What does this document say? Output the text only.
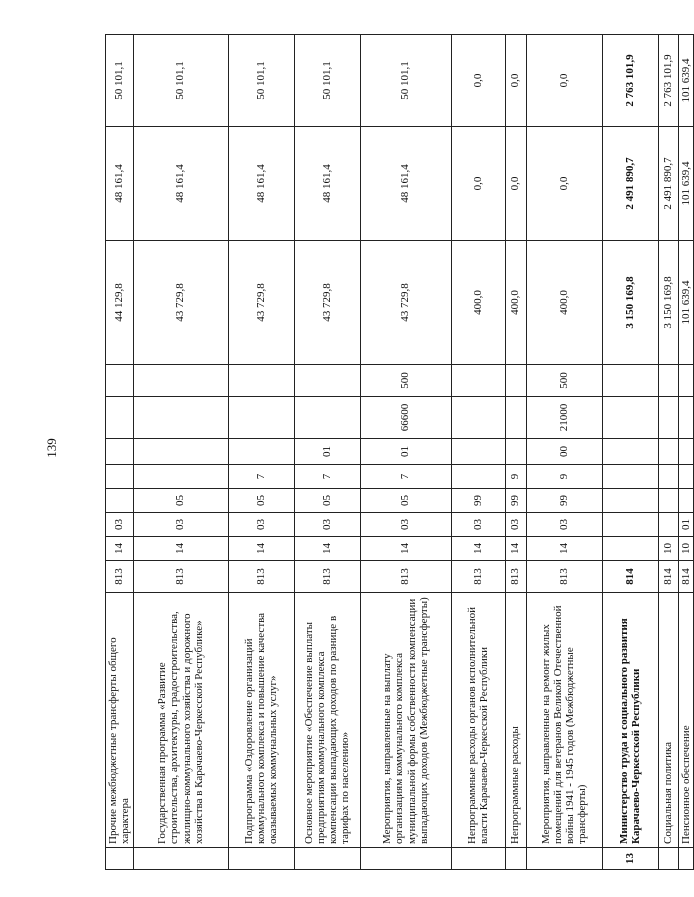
139
	Прочие межбюджетные трансферты общего характера	813	14	03						44 129,8	48 161,4	50 101,1
	Государственная программа «Развитие строительства, архитектуры, градостроительства, жилищно-коммунального хозяйства и дорожного хозяйства в Карачаево-Черкесской Республике»	813	14	03	05					43 729,8	48 161,4	50 101,1
	Подпрограмма «Оздоровление организаций коммунального комплекса и повышение качества оказываемых коммунальных услуг»	813	14	03	05	7				43 729,8	48 161,4	50 101,1
	Основное мероприятие «Обеспечение выплаты предприятиям коммунального комплекса компенсации выпадающих доходов по разнице в тарифах по населению»	813	14	03	05	7	01			43 729,8	48 161,4	50 101,1
	Мероприятия, направленные на выплату организациям коммунального комплекса муниципальной формы собственности компенсации выпадающих доходов (Межбюджетные трансферты)	813	14	03	05	7	01	66600	500	43 729,8	48 161,4	50 101,1
	Непрограммные расходы органов исполнительной власти Карачаево-Черкесской Республики	813	14	03	99					400,0	0,0	0,0
	Непрограммные расходы	813	14	03	99	9				400,0	0,0	0,0
	Мероприятия, направленные на ремонт жилых помещений для ветеранов Великой Отечественной войны 1941 - 1945 годов (Межбюджетные трансферты)	813	14	03	99	9	00	21000	500	400,0	0,0	0,0
13	Министерство труда и социального развития Карачаево-Черкесской Республики	814								3 150 169,8	2 491 890,7	2 763 101,9
	Социальная политика	814	10							3 150 169,8	2 491 890,7	2 763 101,9
	Пенсионное обеспечение	814	10	01						101 639,4	101 639,4	101 639,4
